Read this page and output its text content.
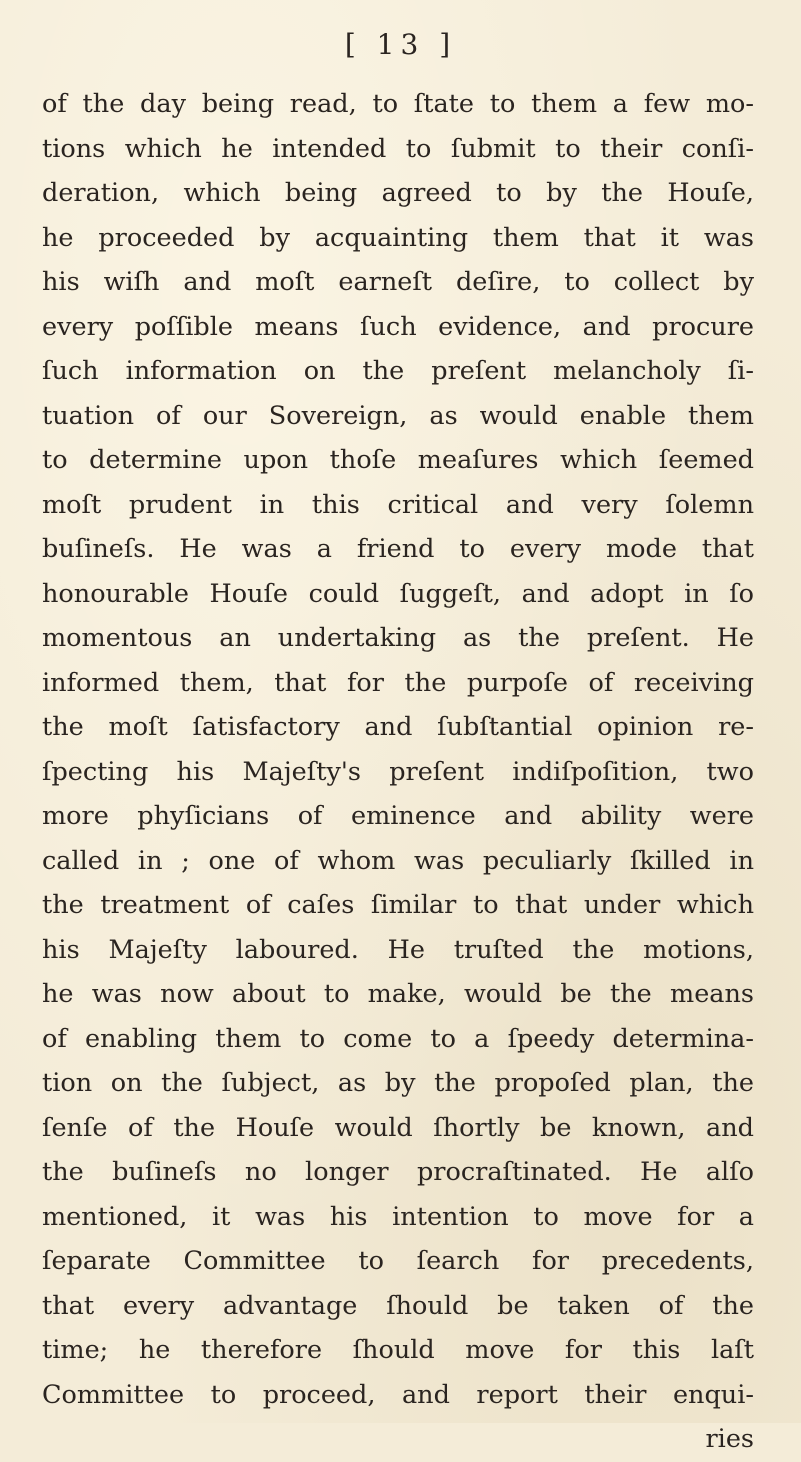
[ 13 ]
of the day being read, to ſtate to them a few mo-
tions which he intended to ſubmit to their conſi-
deration, which being agreed to by the Houſe,
he proceeded by acquainting them that it was
his wiſh and moſt earneſt deſire, to collect by
every poſſible means ſuch evidence, and procure
ſuch information on the preſent melancholy ſi-
tuation of our Sovereign, as would enable them
to determine upon thoſe meaſures which ſeemed
moſt prudent in this critical and very ſolemn
buſineſs. He was a friend to every mode that
honourable Houſe could ſuggeſt, and adopt in ſo
momentous an undertaking as the preſent. He
informed them, that for the purpoſe of receiving
the moſt ſatisfactory and ſubſtantial opinion re-
ſpecting his Majeſty's preſent indiſpoſition, two
more phyſicians of eminence and ability were
called in ; one of whom was peculiarly ſkilled in
the treatment of caſes ſimilar to that under which
his Majeſty laboured. He truſted the motions,
he was now about to make, would be the means
of enabling them to come to a ſpeedy determina-
tion on the ſubject, as by the propoſed plan, the
ſenſe of the Houſe would ſhortly be known, and
the buſineſs no longer procraſtinated. He alſo
mentioned, it was his intention to move for a
ſeparate Committee to ſearch for precedents,
that every advantage ſhould be taken of the
time; he therefore ſhould move for this laſt
Committee to proceed, and report their enqui-
ries
